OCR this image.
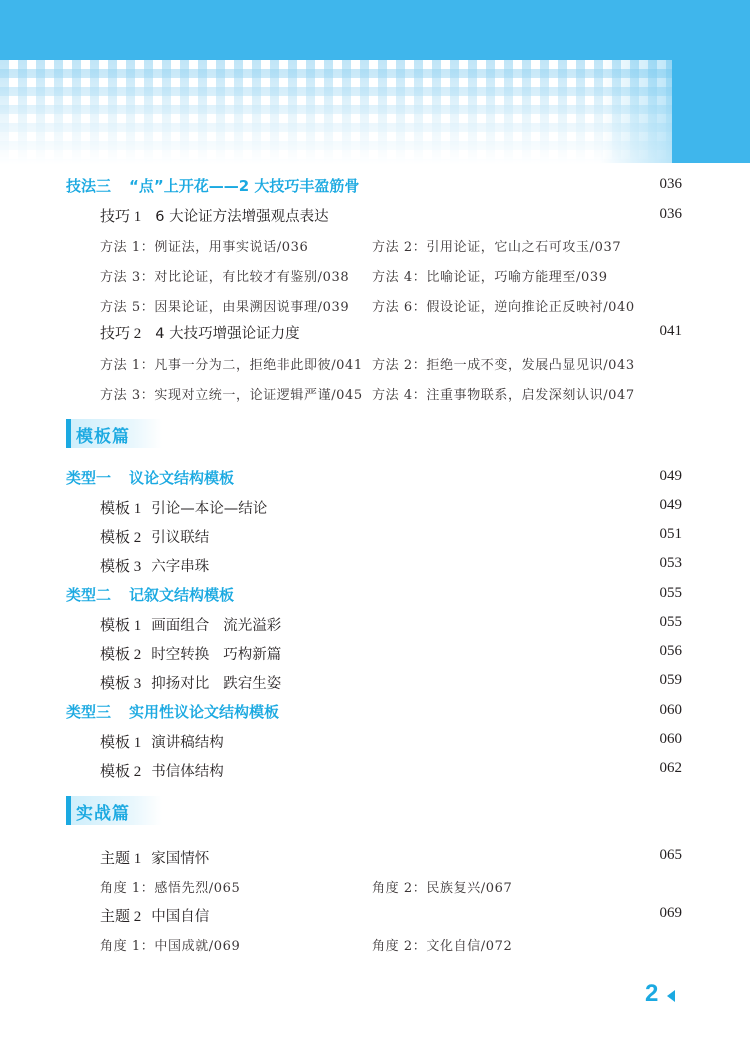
技法三 “点”上开花——2 大技巧丰盈筋骨	036
技巧 1 6 大论证方法增强观点表达	036
方法 1：例证法，用事实说话/036	方法 2：引用论证，它山之石可攻玉/037
方法 3：对比论证，有比较才有鉴别/038 方法 4：比喻论证，巧喻方能理至/039
方法 5：因果论证，由果溯因说事理/039 方法 6：假设论证，逆向推论正反映衬/040
技巧 2 4 大技巧增强论证力度	041
方法 1：凡事一分为二，拒绝非此即彼/041 方法 2：拒绝一成不变，发展凸显见识/043
方法 3：实现对立统一，论证逻辑严谨/045 方法 4：注重事物联系，启发深刻认识/047
模板篇
类型一 议论文结构模板	049
模板 1 引论—本论—结论	049
模板 2 引议联结	051
模板 3 六字串珠	053
类型二 记叙文结构模板	055
模板 1 画面组合 流光溢彩	055
模板 2 时空转换 巧构新篇	056
模板 3 抑扬对比 跌宕生姿	059
类型三 实用性议论文结构模板	060
模板 1 演讲稿结构	060
模板 2 书信体结构	062
实战篇
主题 1 家国情怀	065
角度 1：感悟先烈/065	角度 2：民族复兴/067
主题 2 中国自信	069
角度 1：中国成就/069	角度 2：文化自信/072
2
